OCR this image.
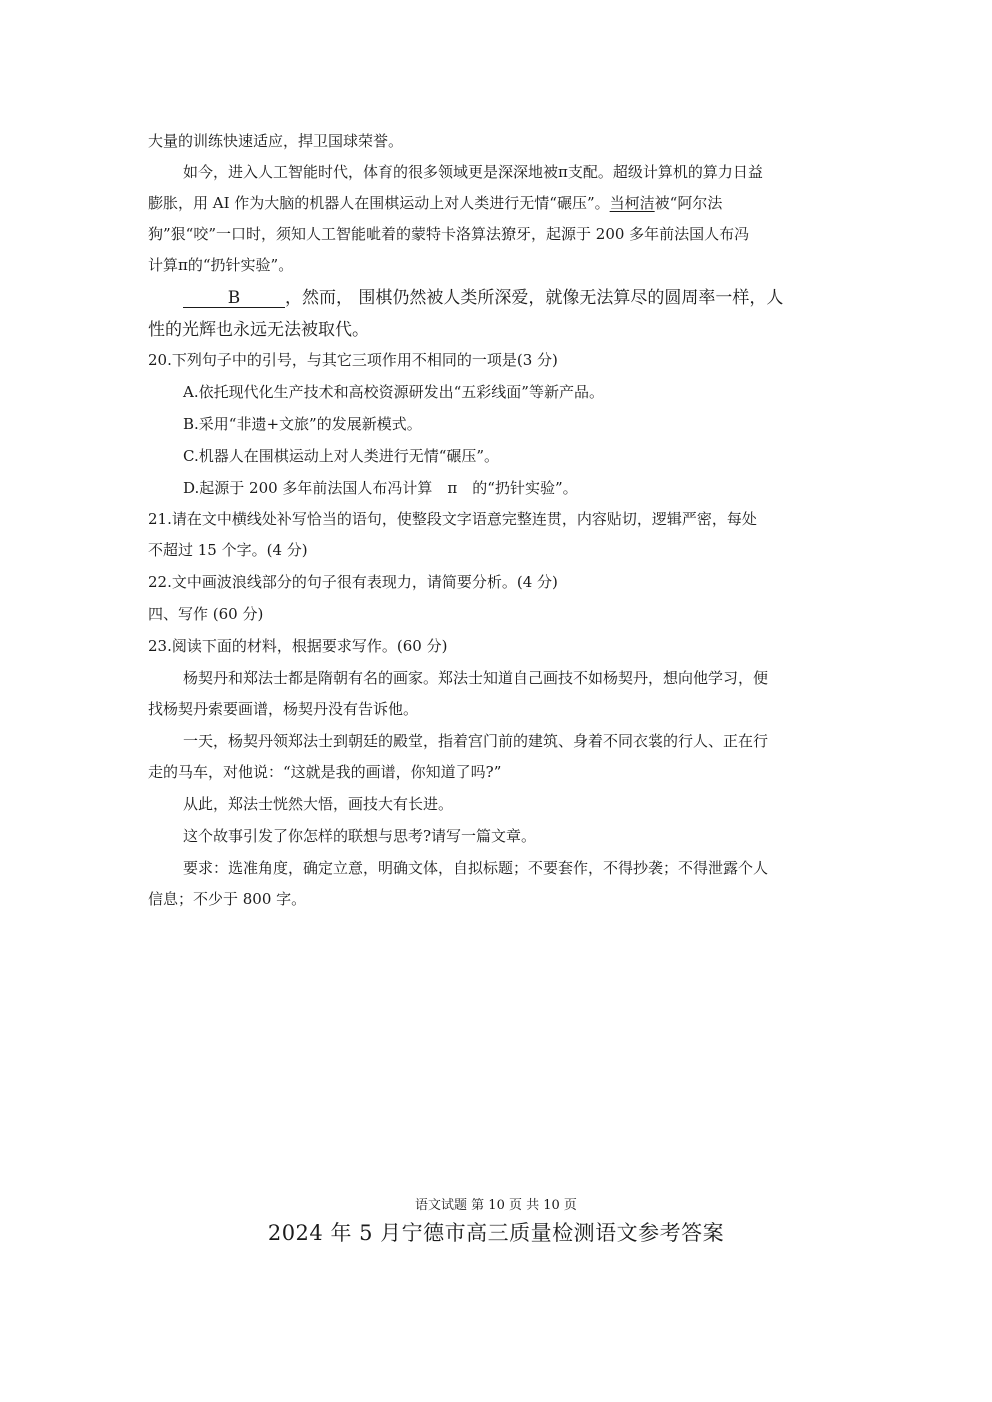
大量的训练快速适应，捍卫国球荣誉。
如今，进入人工智能时代，体育的很多领域更是深深地被π支配。超级计算机的算力日益
膨胀，用 AI 作为大脑的机器人在围棋运动上对人类进行无情“碾压”。当柯洁被“阿尔法
狗”狠“咬”一口时，须知人工智能呲着的蒙特卡洛算法獠牙，起源于 200 多年前法国人布冯
计算π的“扔针实验”。
B	，然而， 围棋仍然被人类所深爱，就像无法算尽的圆周率一样，人
性的光辉也永远无法被取代。
20.下列句子中的引号，与其它三项作用不相同的一项是(3 分)
A.依托现代化生产技术和高校资源研发出“五彩线面”等新产品。
B.采用“非遗+文旅”的发展新模式。
C.机器人在围棋运动上对人类进行无情“碾压”。
D.起源于 200 多年前法国人布冯计算　π　的“扔针实验”。
21.请在文中横线处补写恰当的语句，使整段文字语意完整连贯，内容贴切，逻辑严密，每处
不超过 15 个字。(4 分)
22.文中画波浪线部分的句子很有表现力，请简要分析。(4 分)
四、写作 (60 分)
23.阅读下面的材料，根据要求写作。(60 分)
杨契丹和郑法士都是隋朝有名的画家。郑法士知道自己画技不如杨契丹，想向他学习，便
找杨契丹索要画谱，杨契丹没有告诉他。
一天，杨契丹领郑法士到朝廷的殿堂，指着宫门前的建筑、身着不同衣裳的行人、正在行
走的马车，对他说：“这就是我的画谱，你知道了吗?”
从此，郑法士恍然大悟，画技大有长进。
这个故事引发了你怎样的联想与思考?请写一篇文章。
要求：选准角度，确定立意，明确文体，自拟标题；不要套作，不得抄袭；不得泄露个人
信息；不少于 800 字。
语文试题 第 10 页 共 10 页
2024 年 5 月宁德市高三质量检测语文参考答案
